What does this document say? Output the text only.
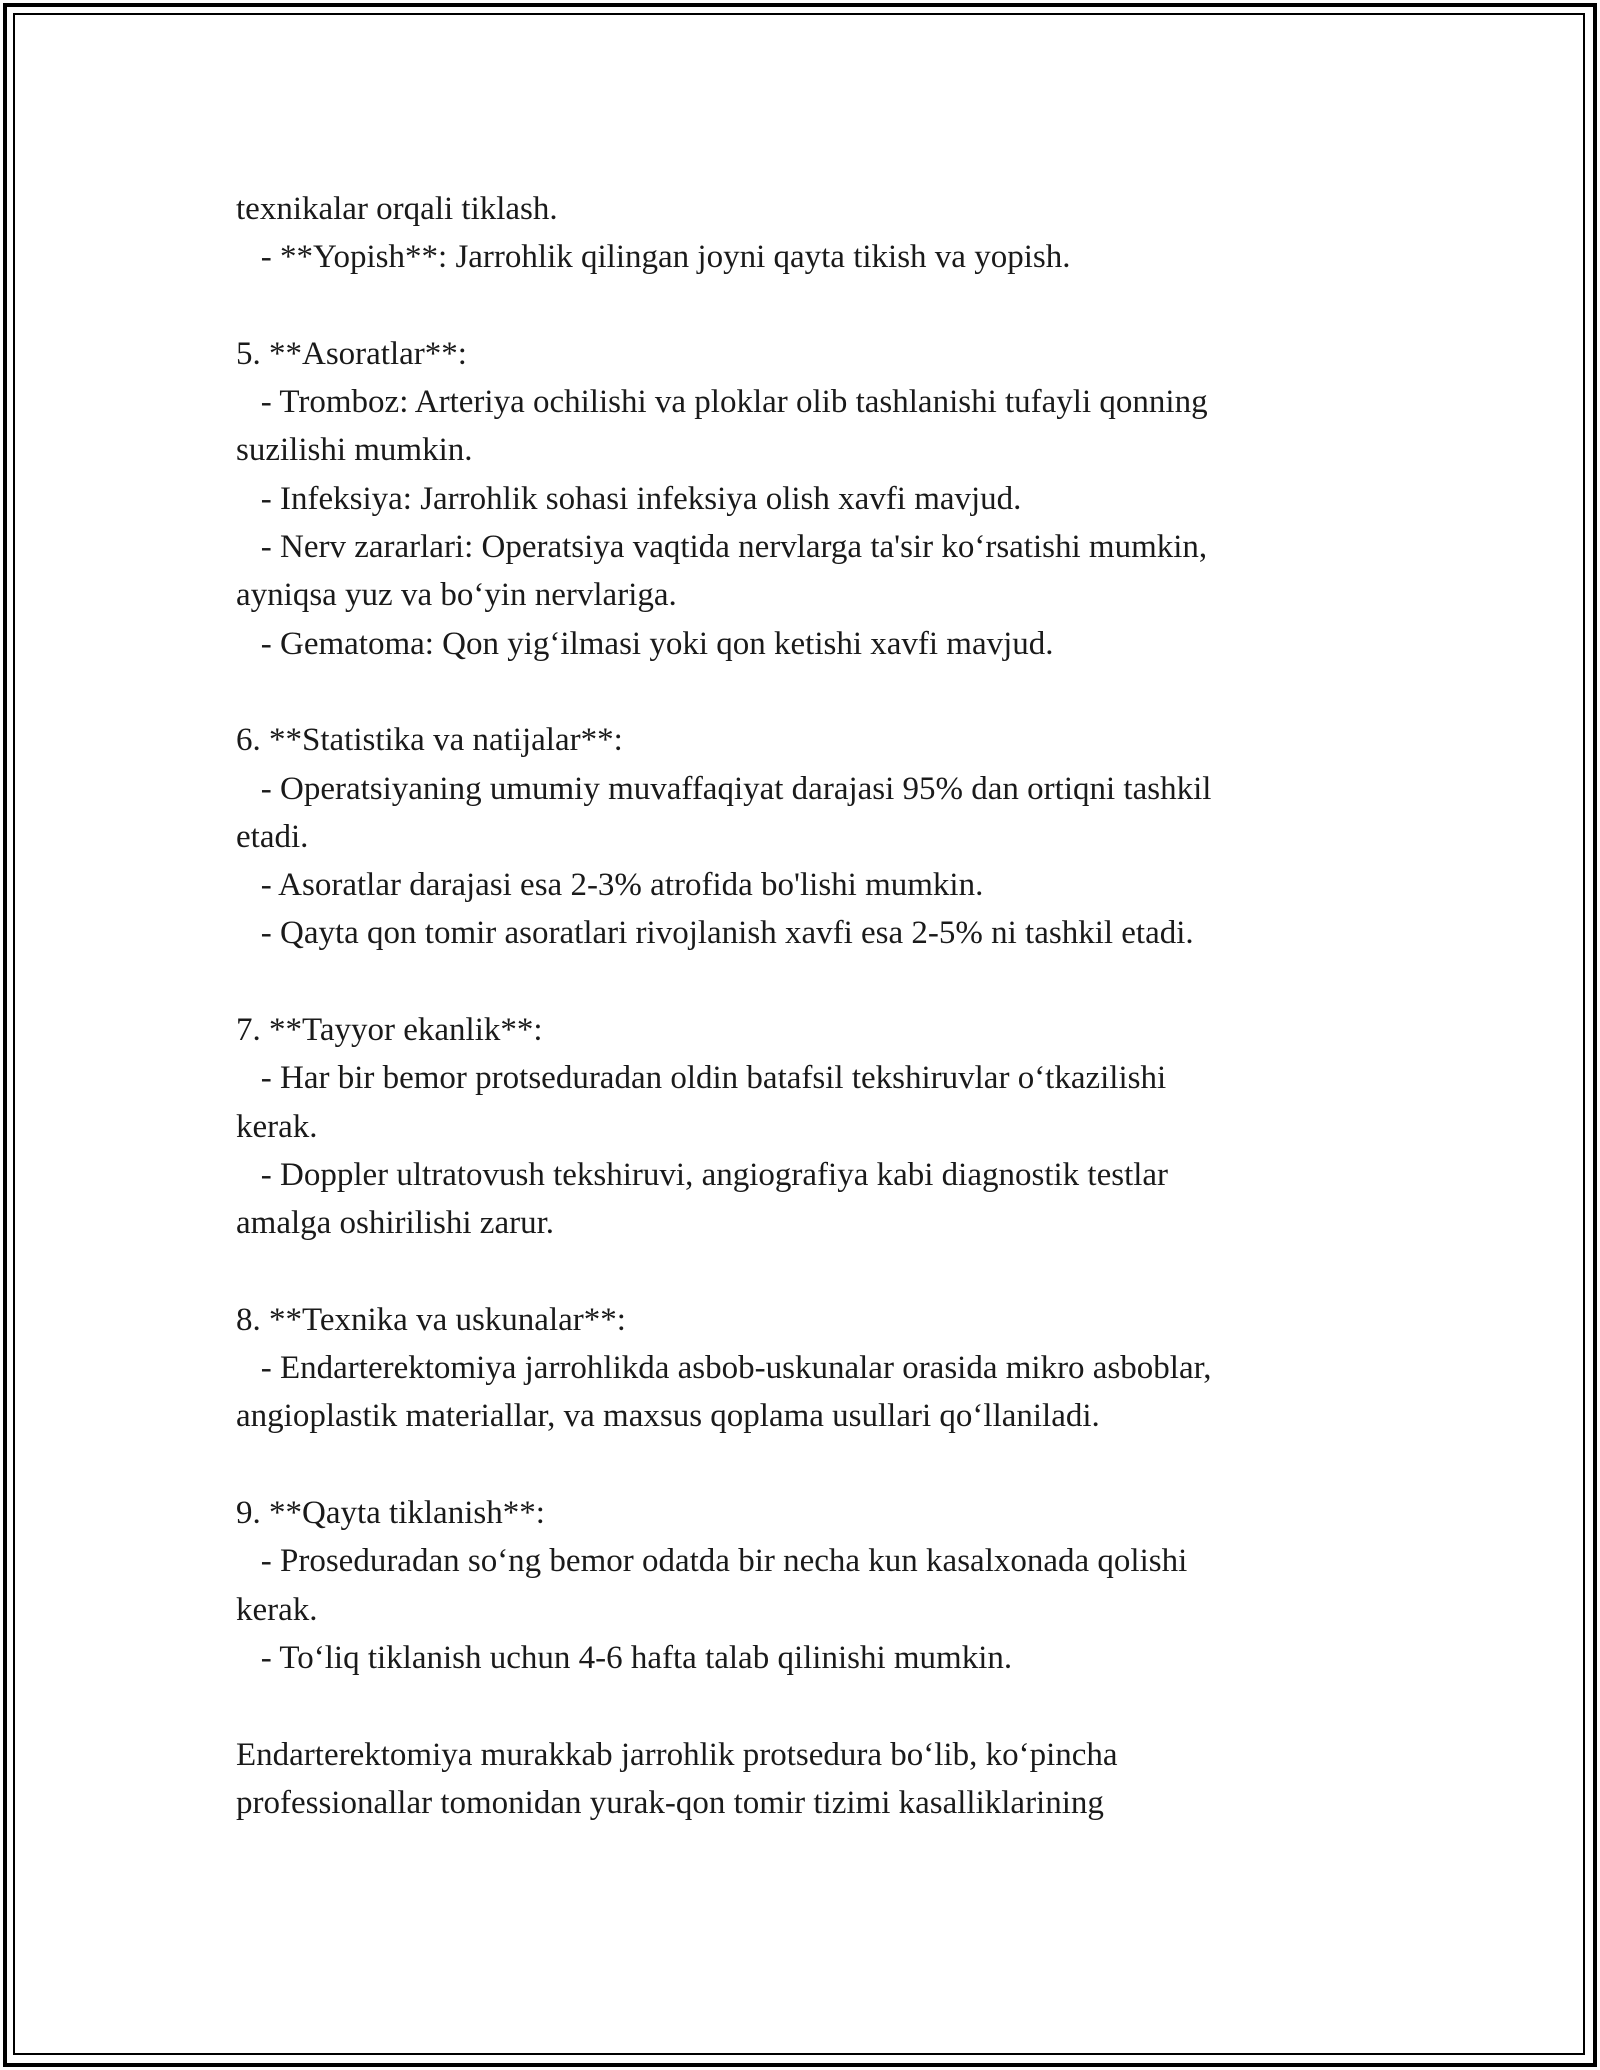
texnikalar orqali tiklash.
- **Yopish**: Jarrohlik qilingan joyni qayta tikish va yopish.
5. **Asoratlar**:
- Tromboz: Arteriya ochilishi va ploklar olib tashlanishi tufayli qonning
suzilishi mumkin.
- Infeksiya: Jarrohlik sohasi infeksiya olish xavfi mavjud.
- Nerv zararlari: Operatsiya vaqtida nervlarga ta'sir ko‘rsatishi mumkin,
ayniqsa yuz va bo‘yin nervlariga.
- Gematoma: Qon yig‘ilmasi yoki qon ketishi xavfi mavjud.
6. **Statistika va natijalar**:
- Operatsiyaning umumiy muvaffaqiyat darajasi 95% dan ortiqni tashkil
etadi.
- Asoratlar darajasi esa 2-3% atrofida bo'lishi mumkin.
- Qayta qon tomir asoratlari rivojlanish xavfi esa 2-5% ni tashkil etadi.
7. **Tayyor ekanlik**:
- Har bir bemor protseduradan oldin batafsil tekshiruvlar o‘tkazilishi
kerak.
- Doppler ultratovush tekshiruvi, angiografiya kabi diagnostik testlar
amalga oshirilishi zarur.
8. **Texnika va uskunalar**:
- Endarterektomiya jarrohlikda asbob-uskunalar orasida mikro asboblar,
angioplastik materiallar, va maxsus qoplama usullari qo‘llaniladi.
9. **Qayta tiklanish**:
- Proseduradan so‘ng bemor odatda bir necha kun kasalxonada qolishi
kerak.
- To‘liq tiklanish uchun 4-6 hafta talab qilinishi mumkin.
Endarterektomiya murakkab jarrohlik protsedura bo‘lib, ko‘pincha
professionallar tomonidan yurak-qon tomir tizimi kasalliklarining
